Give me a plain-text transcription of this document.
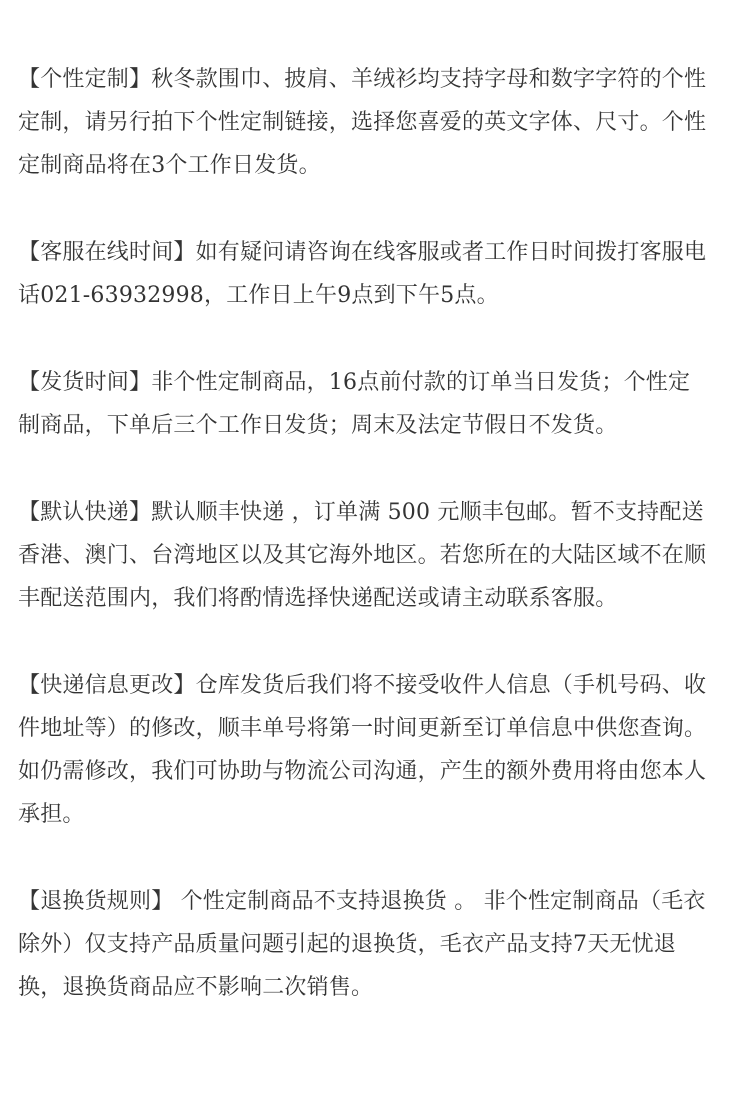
【个性定制】秋冬款围巾、披肩、羊绒衫均支持字母和数字字符的个性定制，请另行拍下个性定制链接，选择您喜爱的英文字体、尺寸。个性定制商品将在3个工作日发货。

【客服在线时间】如有疑问请咨询在线客服或者工作日时间拨打客服电话021-63932998，工作日上午9点到下午5点。

【发货时间】非个性定制商品，16点前付款的订单当日发货；个性定制商品，下单后三个工作日发货；周末及法定节假日不发货。

【默认快递】默认顺丰快递 ，订单满 500 元顺丰包邮。暂不支持配送香港、澳门、台湾地区以及其它海外地区。若您所在的大陆区域不在顺丰配送范围内，我们将酌情选择快递配送或请主动联系客服。

【快递信息更改】仓库发货后我们将不接受收件人信息（手机号码、收件地址等）的修改，顺丰单号将第一时间更新至订单信息中供您查询。如仍需修改，我们可协助与物流公司沟通，产生的额外费用将由您本人承担。

【退换货规则】 个性定制商品不支持退换货 。 非个性定制商品（毛衣除外）仅支持产品质量问题引起的退换货，毛衣产品支持7天无忧退换，退换货商品应不影响二次销售。
